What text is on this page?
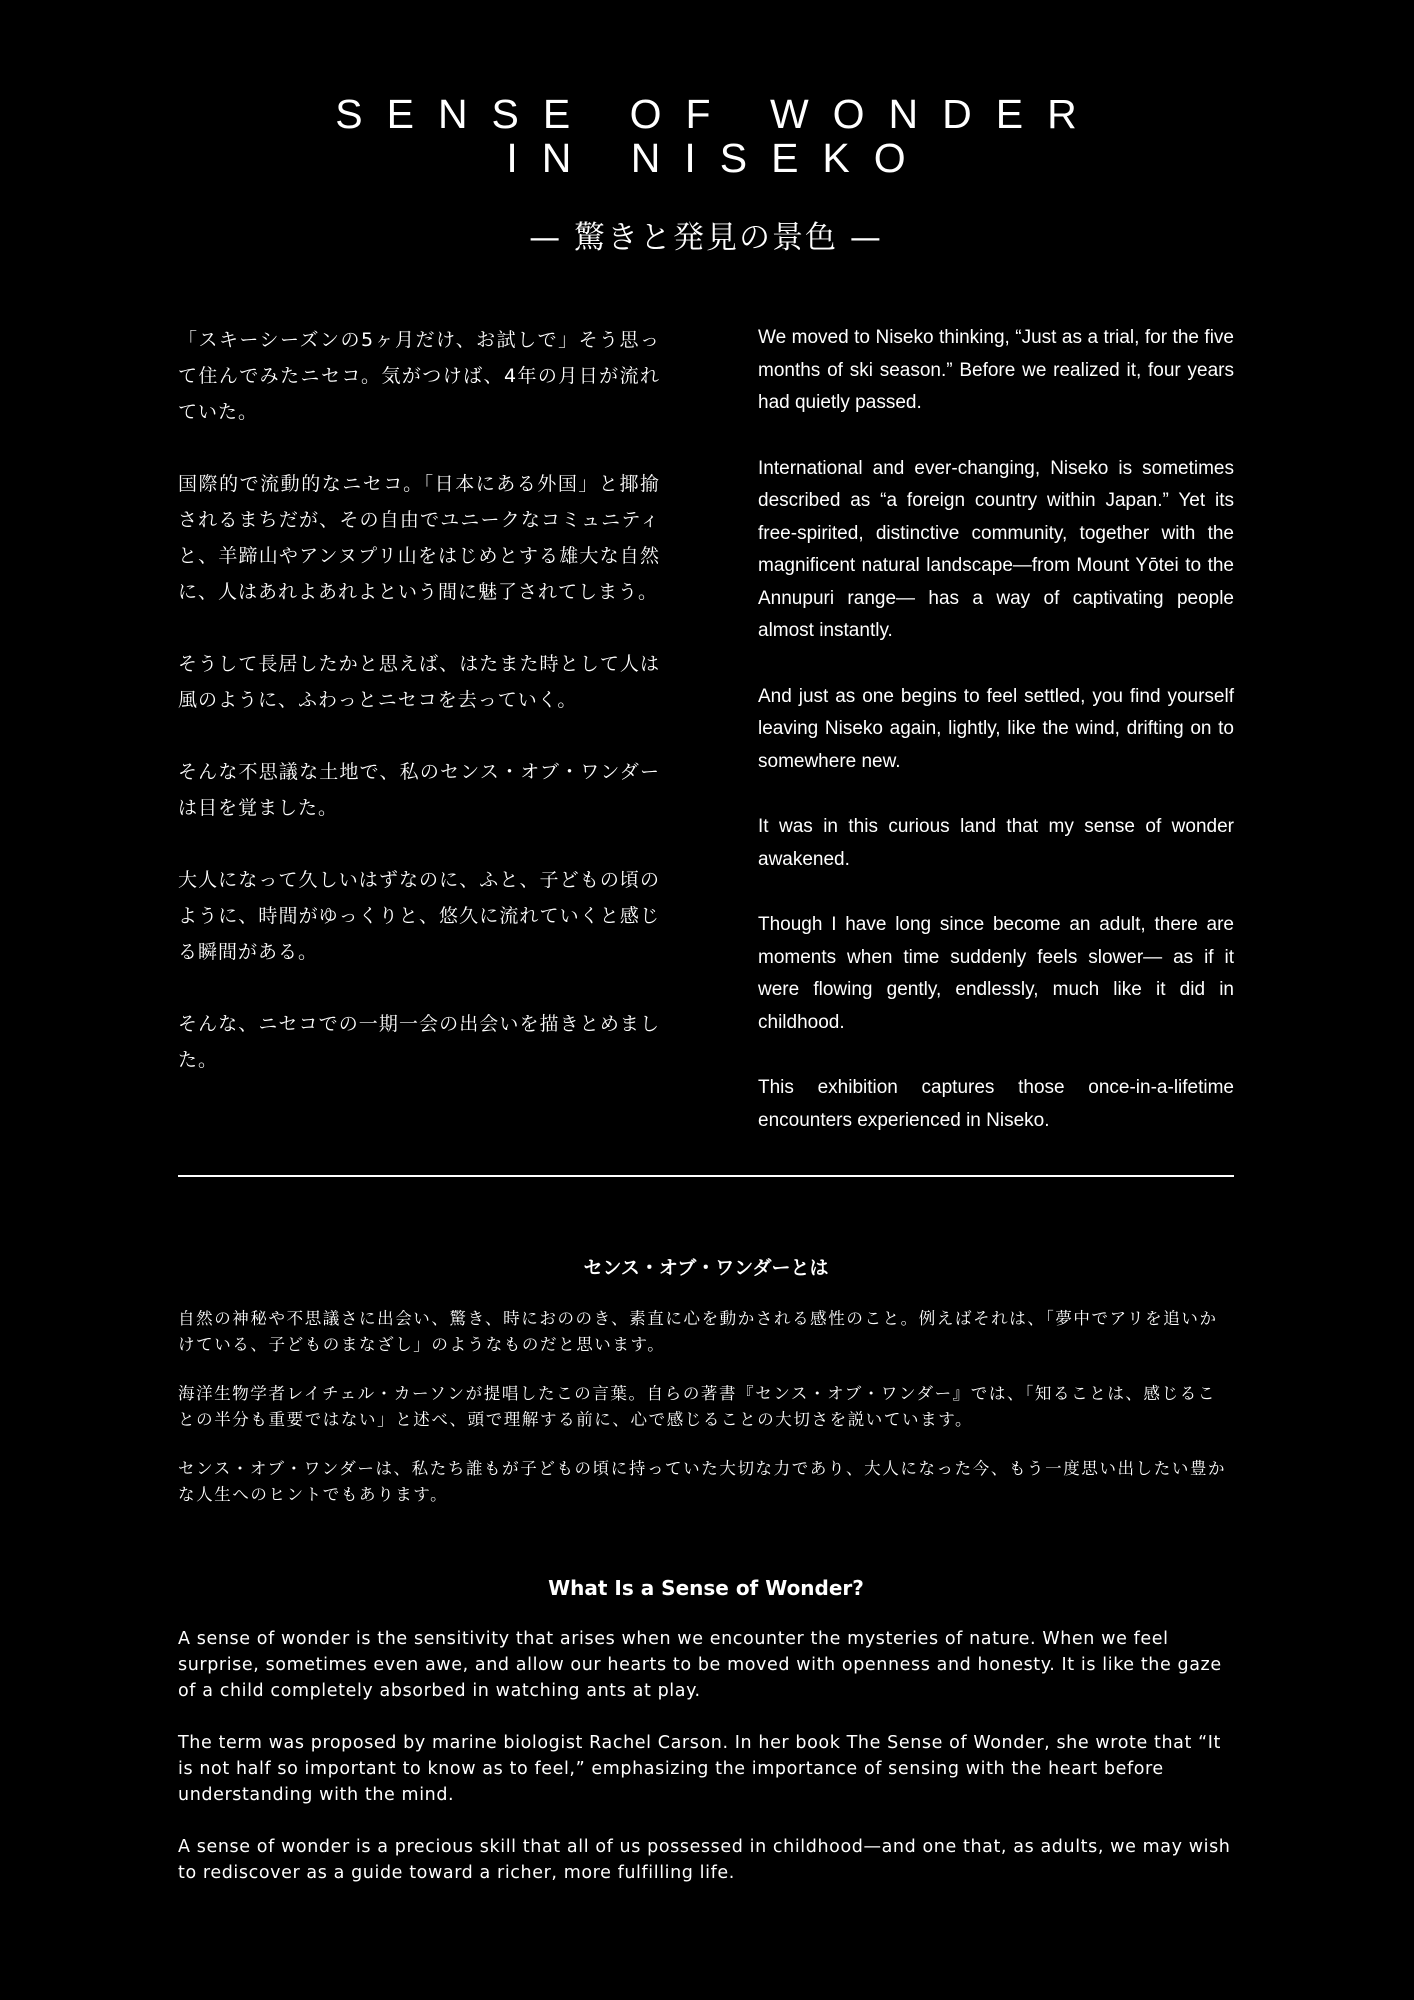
SENSE OF WONDER
IN NISEKO
— 驚きと発見の景色 —

「スキーシーズンの5ヶ月だけ、お試しで」そう思って住んでみたニセコ。気がつけば、4年の月日が流れていた。

国際的で流動的なニセコ。「日本にある外国」と揶揄されるまちだが、その自由でユニークなコミュニティと、羊蹄山やアンヌプリ山をはじめとする雄大な自然に、人はあれよあれよという間に魅了されてしまう。

そうして長居したかと思えば、はたまた時として人は風のように、ふわっとニセコを去っていく。

そんな不思議な土地で、私のセンス・オブ・ワンダーは目を覚ました。

大人になって久しいはずなのに、ふと、子どもの頃のように、時間がゆっくりと、悠久に流れていくと感じる瞬間がある。

そんな、ニセコでの一期一会の出会いを描きとめました。

We moved to Niseko thinking, “Just as a trial, for the five months of ski season.” Before we realized it, four years had quietly passed.

International and ever-changing, Niseko is sometimes described as “a foreign country within Japan.” Yet its free-spirited, distinctive community, together with the magnificent natural landscape—from Mount Yōtei to the Annupuri range— has a way of captivating people almost instantly.

And just as one begins to feel settled, you find yourself leaving Niseko again, lightly, like the wind, drifting on to somewhere new.

It was in this curious land that my sense of wonder awakened.

Though I have long since become an adult, there are moments when time suddenly feels slower— as if it were flowing gently, endlessly, much like it did in childhood.

This exhibition captures those once-in-a-lifetime encounters experienced in Niseko.

センス・オブ・ワンダーとは

自然の神秘や不思議さに出会い、驚き、時におののき、素直に心を動かされる感性のこと。例えばそれは、「夢中でアリを追いかけている、子どものまなざし」のようなものだと思います。

海洋生物学者レイチェル・カーソンが提唱したこの言葉。自らの著書『センス・オブ・ワンダー』では、「知ることは、感じることの半分も重要ではない」と述べ、頭で理解する前に、心で感じることの大切さを説いています。

センス・オブ・ワンダーは、私たち誰もが子どもの頃に持っていた大切な力であり、大人になった今、もう一度思い出したい豊かな人生へのヒントでもあります。

What Is a Sense of Wonder?

A sense of wonder is the sensitivity that arises when we encounter the mysteries of nature. When we feel surprise, sometimes even awe, and allow our hearts to be moved with openness and honesty. It is like the gaze of a child completely absorbed in watching ants at play.

The term was proposed by marine biologist Rachel Carson. In her book The Sense of Wonder, she wrote that “It is not half so important to know as to feel,” emphasizing the importance of sensing with the heart before understanding with the mind.

A sense of wonder is a precious skill that all of us possessed in childhood—and one that, as adults, we may wish to rediscover as a guide toward a richer, more fulfilling life.
